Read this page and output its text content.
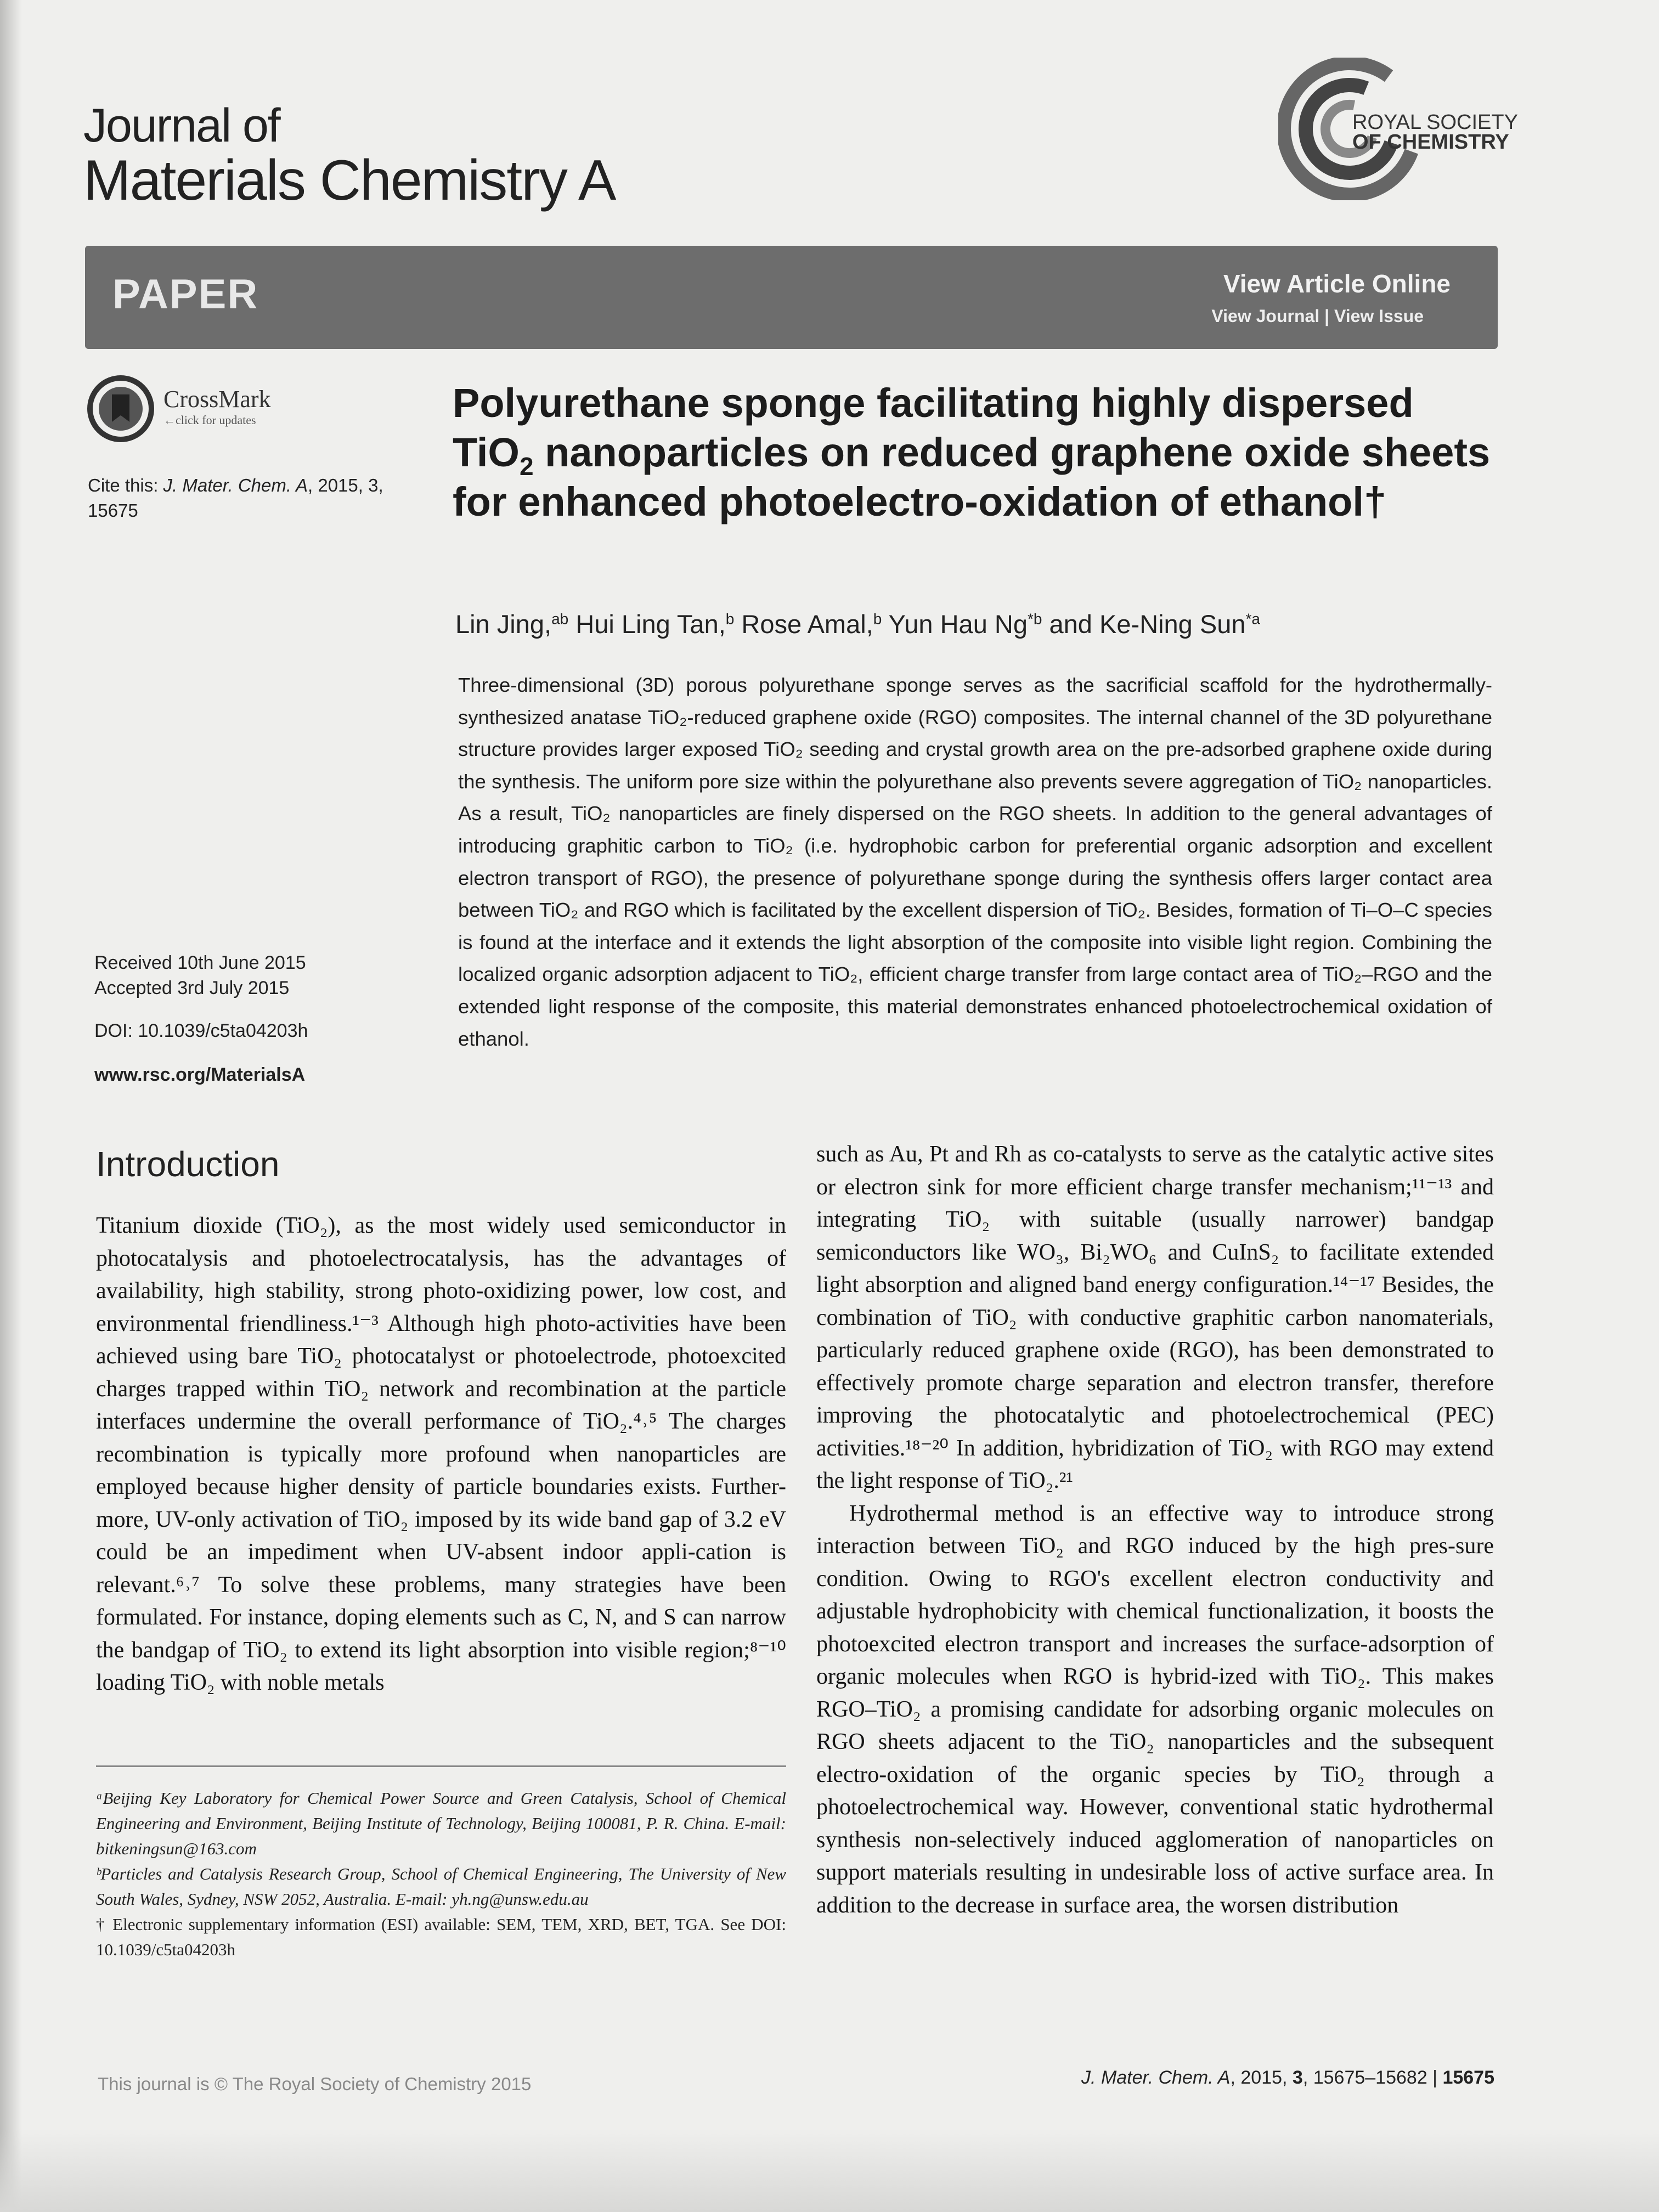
Journal of
Materials Chemistry A
ROYAL SOCIETY
OF CHEMISTRY
PAPER	View Article Online
View Journal | View Issue
CrossMark
←click for updates
Cite this: J. Mater. Chem. A, 2015, 3, 15675
Received 10th June 2015
Accepted 3rd July 2015
DOI: 10.1039/c5ta04203h
www.rsc.org/MaterialsA
Polyurethane sponge facilitating highly dispersed TiO$_2$ nanoparticles on reduced graphene oxide sheets for enhanced photoelectro-oxidation of ethanol†
Lin Jing,$^{ab}$ Hui Ling Tan,$^b$ Rose Amal,$^b$ Yun Hau Ng$^{*b}$ and Ke-Ning Sun$^{*a}$

Three-dimensional (3D) porous polyurethane sponge serves as the sacrificial scaffold for the hydrothermally-synthesized anatase TiO₂-reduced graphene oxide (RGO) composites. The internal channel of the 3D polyurethane structure provides larger exposed TiO₂ seeding and crystal growth area on the pre-adsorbed graphene oxide during the synthesis. The uniform pore size within the polyurethane also prevents severe aggregation of TiO₂ nanoparticles. As a result, TiO₂ nanoparticles are finely dispersed on the RGO sheets. In addition to the general advantages of introducing graphitic carbon to TiO₂ (i.e. hydrophobic carbon for preferential organic adsorption and excellent electron transport of RGO), the presence of polyurethane sponge during the synthesis offers larger contact area between TiO₂ and RGO which is facilitated by the excellent dispersion of TiO₂. Besides, formation of Ti–O–C species is found at the interface and it extends the light absorption of the composite into visible light region. Combining the localized organic adsorption adjacent to TiO₂, efficient charge transfer from large contact area of TiO₂–RGO and the extended light response of the composite, this material demonstrates enhanced photoelectrochemical oxidation of ethanol.

Introduction

Titanium dioxide (TiO₂), as the most widely used semiconductor in photocatalysis and photoelectrocatalysis, has the advantages of availability, high stability, strong photo-oxidizing power, low cost, and environmental friendliness.¹⁻³ Although high photo-activities have been achieved using bare TiO₂ photocatalyst or photoelectrode, photoexcited charges trapped within TiO₂ network and recombination at the particle interfaces undermine the overall performance of TiO₂.⁴˒⁵ The charges recombination is typically more profound when nanoparticles are employed because higher density of particle boundaries exists. Further-more, UV-only activation of TiO₂ imposed by its wide band gap of 3.2 eV could be an impediment when UV-absent indoor appli-cation is relevant.⁶˒⁷ To solve these problems, many strategies have been formulated. For instance, doping elements such as C, N, and S can narrow the bandgap of TiO₂ to extend its light absorption into visible region;⁸⁻¹⁰ loading TiO₂ with noble metals

such as Au, Pt and Rh as co-catalysts to serve as the catalytic active sites or electron sink for more efficient charge transfer mechanism;¹¹⁻¹³ and integrating TiO₂ with suitable (usually narrower) bandgap semiconductors like WO₃, Bi₂WO₆ and CuInS₂ to facilitate extended light absorption and aligned band energy configuration.¹⁴⁻¹⁷ Besides, the combination of TiO₂ with conductive graphitic carbon nanomaterials, particularly reduced graphene oxide (RGO), has been demonstrated to effectively promote charge separation and electron transfer, therefore improving the photocatalytic and photoelectrochemical (PEC) activities.¹⁸⁻²⁰ In addition, hybridization of TiO₂ with RGO may extend the light response of TiO₂.²¹

Hydrothermal method is an effective way to introduce strong interaction between TiO₂ and RGO induced by the high pres-sure condition. Owing to RGO's excellent electron conductivity and adjustable hydrophobicity with chemical functionalization, it boosts the photoexcited electron transport and increases the surface-adsorption of organic molecules when RGO is hybrid-ized with TiO₂. This makes RGO–TiO₂ a promising candidate for adsorbing organic molecules on RGO sheets adjacent to the TiO₂ nanoparticles and the subsequent electro-oxidation of the organic species by TiO₂ through a photoelectrochemical way. However, conventional static hydrothermal synthesis non-selectively induced agglomeration of nanoparticles on support materials resulting in undesirable loss of active surface area. In addition to the decrease in surface area, the worsen distribution

ᵃBeijing Key Laboratory for Chemical Power Source and Green Catalysis, School of Chemical Engineering and Environment, Beijing Institute of Technology, Beijing 100081, P. R. China. E-mail: bitkeningsun@163.com

ᵇParticles and Catalysis Research Group, School of Chemical Engineering, The University of New South Wales, Sydney, NSW 2052, Australia. E-mail: yh.ng@unsw.edu.au

† Electronic supplementary information (ESI) available: SEM, TEM, XRD, BET, TGA. See DOI: 10.1039/c5ta04203h

This journal is © The Royal Society of Chemistry 2015	J. Mater. Chem. A, 2015, 3, 15675–15682 | 15675
